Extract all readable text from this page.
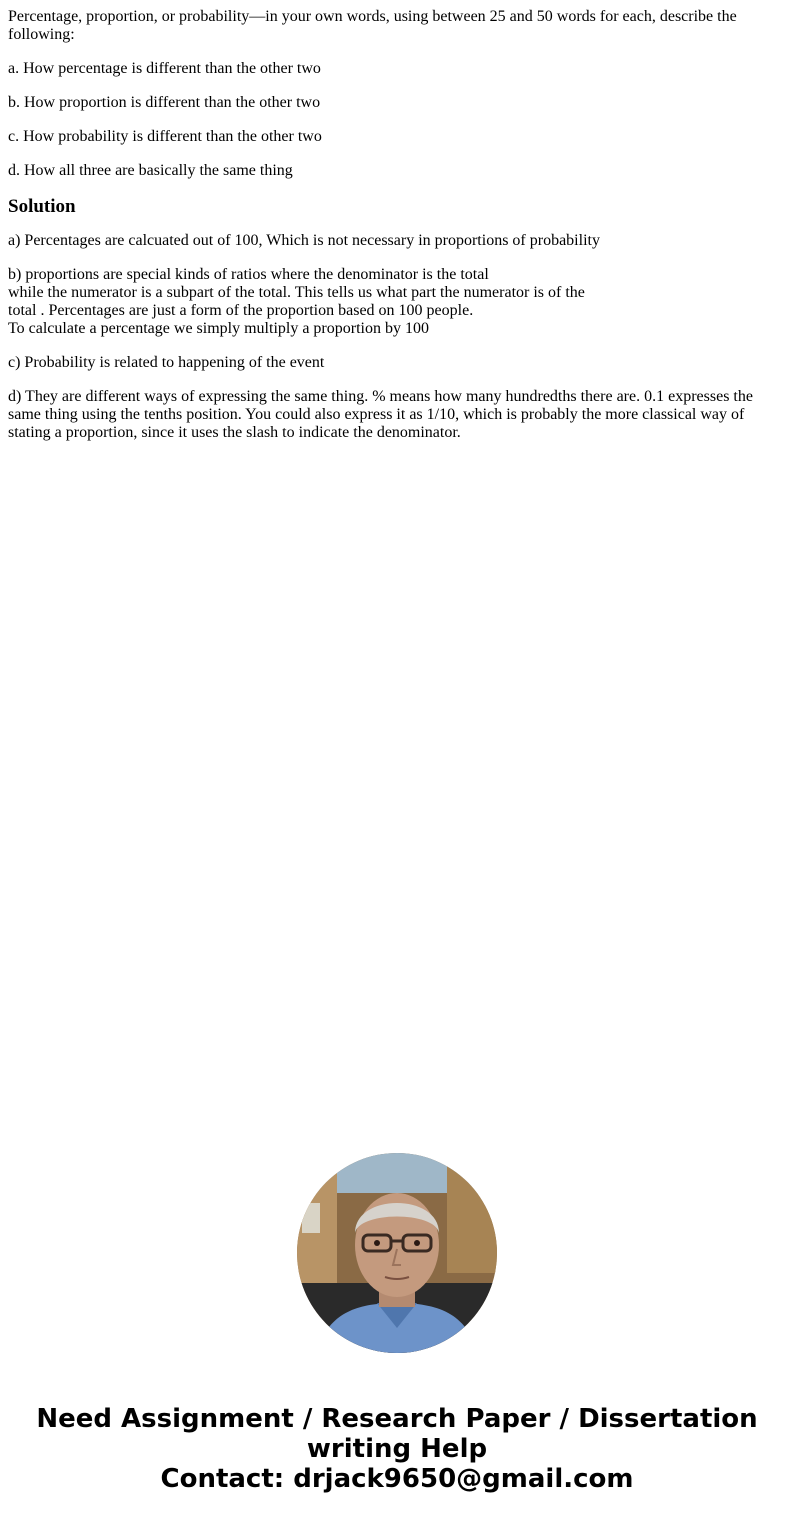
Percentage, proportion, or probability—in your own words, using between 25 and 50 words for each, describe the following:

a. How percentage is different than the other two

b. How proportion is different than the other two

c. How probability is different than the other two

d. How all three are basically the same thing

Solution

a) Percentages are calcuated out of 100, Which is not necessary in proportions of probability

b) proportions are special kinds of ratios where the denominator is the total
while the numerator is a subpart of the total. This tells us what part the numerator is of the
total . Percentages are just a form of the proportion based on 100 people.
To calculate a percentage we simply multiply a proportion by 100

c) Probability is related to happening of the event

d) They are different ways of expressing the same thing. % means how many hundredths there are. 0.1 expresses the same thing using the tenths position. You could also express it as 1/10, which is probably the more classical way of stating a proportion, since it uses the slash to indicate the denominator.

Need Assignment / Research Paper / Dissertation
writing Help
Contact: drjack9650@gmail.com
